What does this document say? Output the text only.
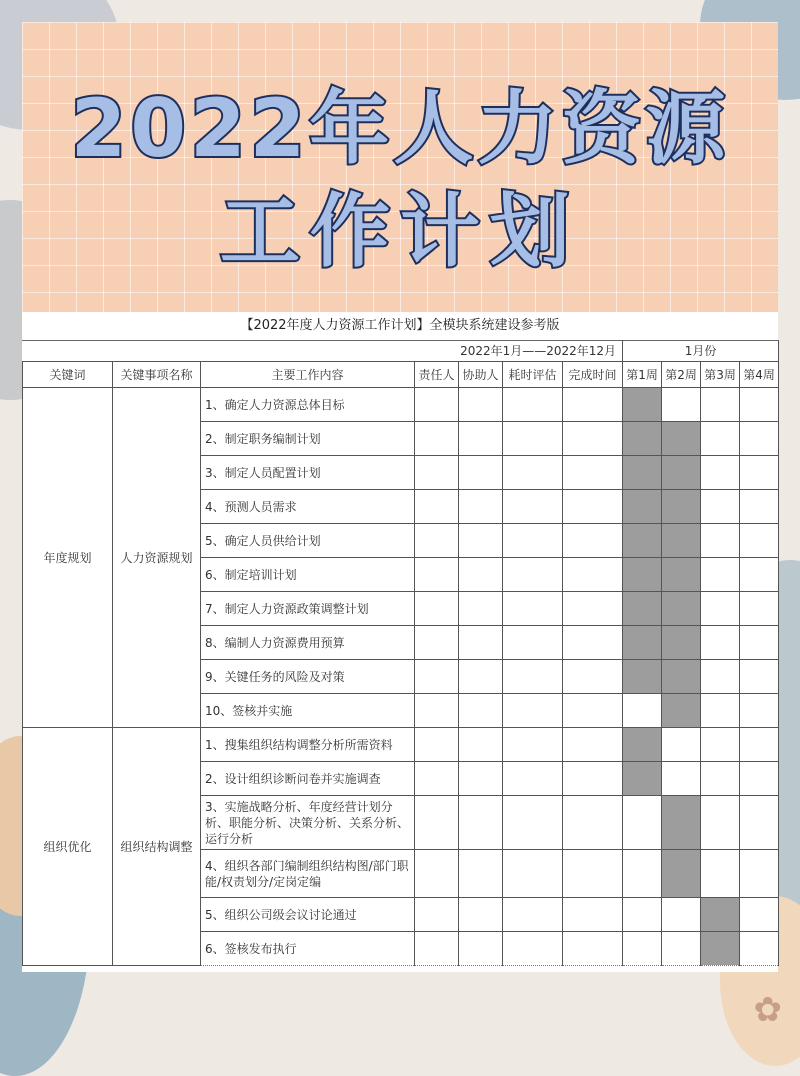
✿
2022年人力资源
工作计划
【2022年度人力资源工作计划】全模块系统建设参考版
2022年1月——2022年12月							1月份			
关键词	关键事项名称	主要工作内容	责任人	协助人	耗时评估	完成时间	第1周	第2周	第3周	第4周
年度规划	人力资源规划	1、确定人力资源总体目标								
		2、制定职务编制计划								
		3、制定人员配置计划								
		4、预测人员需求								
		5、确定人员供给计划								
		6、制定培训计划								
		7、制定人力资源政策调整计划								
		8、编制人力资源费用预算								
		9、关键任务的风险及对策								
		10、签核并实施								
组织优化	组织结构调整	1、搜集组织结构调整分析所需资料								
		2、设计组织诊断问卷并实施调查								
		3、实施战略分析、年度经营计划分析、职能分析、决策分析、关系分析、运行分析								
		4、组织各部门编制组织结构图/部门职能/权责划分/定岗定编								
		5、组织公司级会议讨论通过								
		6、签核发布执行								
